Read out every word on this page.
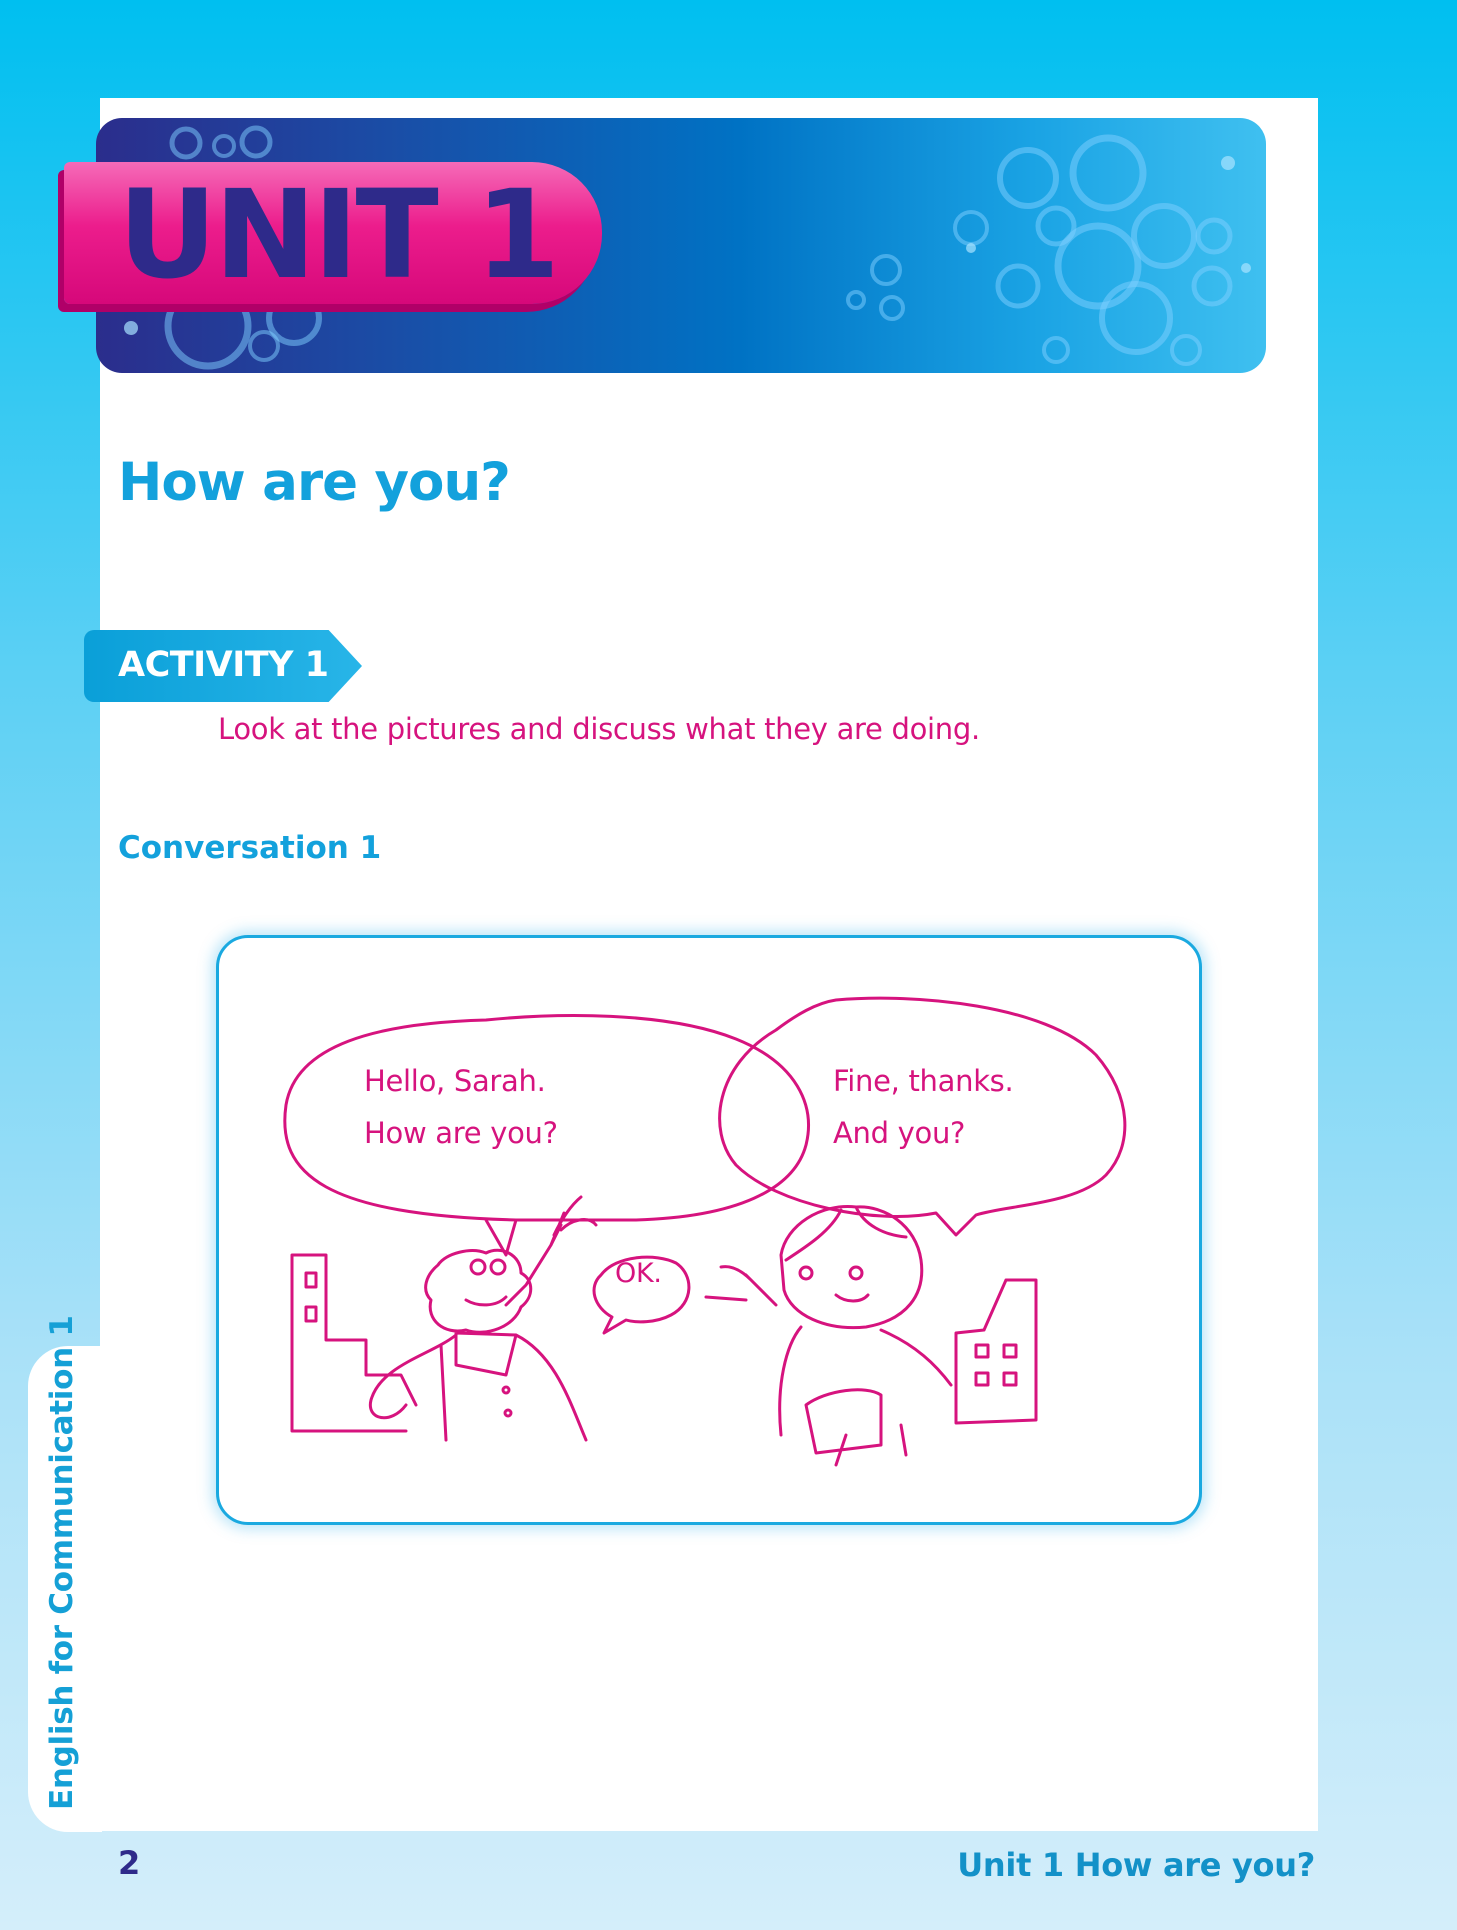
UNIT 1
How are you?
ACTIVITY 1
Look at the pictures and discuss what they are doing.
Conversation 1
Hello, Sarah.
How are you?
Fine, thanks.
And you?
OK.
English for Communication 1
2	Unit 1 How are you?
